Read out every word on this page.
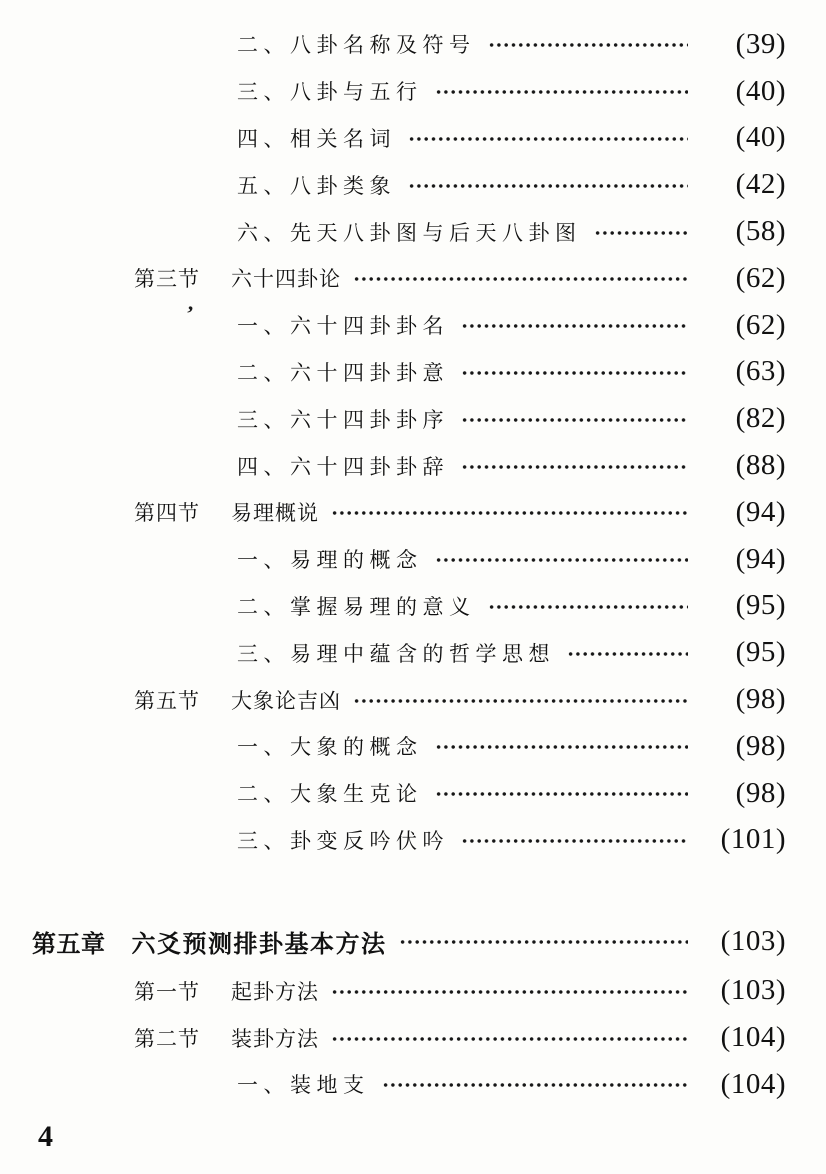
二、八卦名称及符号	(39)
三、八卦与五行	(40)
四、相关名词	(40)
五、八卦类象	(42)
六、先天八卦图与后天八卦图	(58)
第三节 六十四卦论	(62)
一、六十四卦卦名	(62)
二、六十四卦卦意	(63)
三、六十四卦卦序	(82)
四、六十四卦卦辞	(88)
第四节 易理概说	(94)
一、易理的概念	(94)
二、掌握易理的意义	(95)
三、易理中蕴含的哲学思想	(95)
第五节 大象论吉凶	(98)
一、大象的概念	(98)
二、大象生克论	(98)
三、卦变反吟伏吟	(101)
第五章 六爻预测排卦基本方法	(103)
第一节 起卦方法	(103)
第二节 装卦方法	(104)
一、装地支	(104)
’
4
